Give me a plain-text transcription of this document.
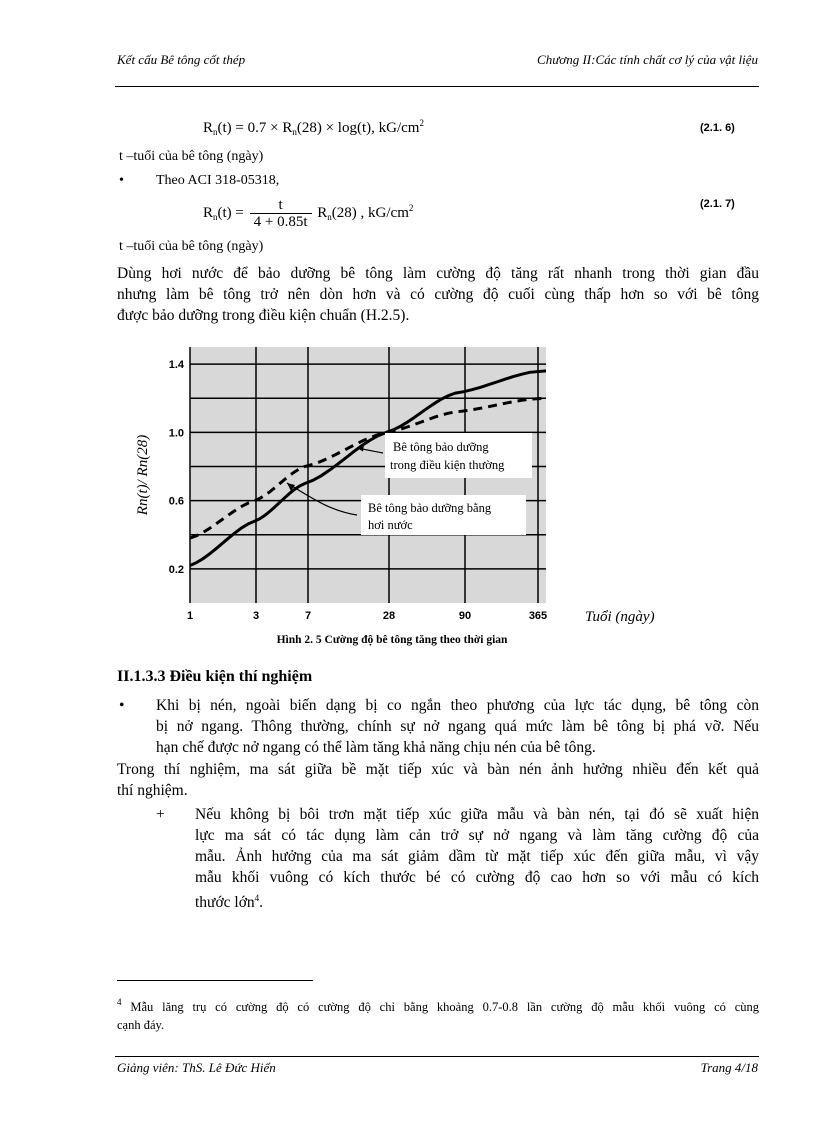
Kết cấu Bê tông cốt thép	Chương II:Các tính chất cơ lý của vật liệu
$R_n(t) = 0.7 \times R_n(28) \times \log(t)$, $kG/cm^2$	(2.1. 6)
t –tuổi của bê tông (ngày)
• Theo ACI 318-05318,
$R_n(t) = \frac{t}{4 + 0.85t} R_n(28)$ , $kG/cm^2$	(2.1. 7)
t –tuổi của bê tông (ngày)
Dùng hơi nước để bảo dưỡng bê tông làm cường độ tăng rất nhanh trong thời gian đầu
nhưng làm bê tông trở nên dòn hơn và có cường độ cuối cùng thấp hơn so với bê tông
được bảo dưỡng trong điều kiện chuẩn (H.2.5).
1	3	7	28	90	365
0.2
0.6
1.0
1.4
Bê tông bảo dưỡng
trong điều kiện thường
Bê tông bảo dưỡng bằng
hơi nước
Rn(t)/ Rn(28)
Tuổi (ngày)
Hình 2. 5 Cường độ bê tông tăng theo thời gian
II.1.3.3 Điều kiện thí nghiệm
• Khi bị nén, ngoài biến dạng bị co ngắn theo phương của lực tác dụng, bê tông còn
bị nở ngang. Thông thường, chính sự nở ngang quá mức làm bê tông bị phá vỡ. Nếu
hạn chế được nở ngang có thể làm tăng khả năng chịu nén của bê tông.
Trong thí nghiệm, ma sát giữa bề mặt tiếp xúc và bàn nén ảnh hưởng nhiều đến kết quả
thí nghiệm.
+ Nếu không bị bôi trơn mặt tiếp xúc giữa mẫu và bàn nén, tại đó sẽ xuất hiện
lực ma sát có tác dụng làm cản trở sự nở ngang và làm tăng cường độ của
mẫu. Ảnh hưởng của ma sát giảm dầm từ mặt tiếp xúc đến giữa mẫu, vì vậy
mẫu khối vuông có kích thước bé có cường độ cao hơn so với mẫu có kích
thước lớn$^4$.
$^4$ Mẫu lăng trụ có cường độ có cường độ chỉ bằng khoảng 0.7-0.8 lần cường độ mẫu khối vuông có cùng
cạnh đáy.
Giảng viên: ThS. Lê Đức Hiển	Trang 4/18
